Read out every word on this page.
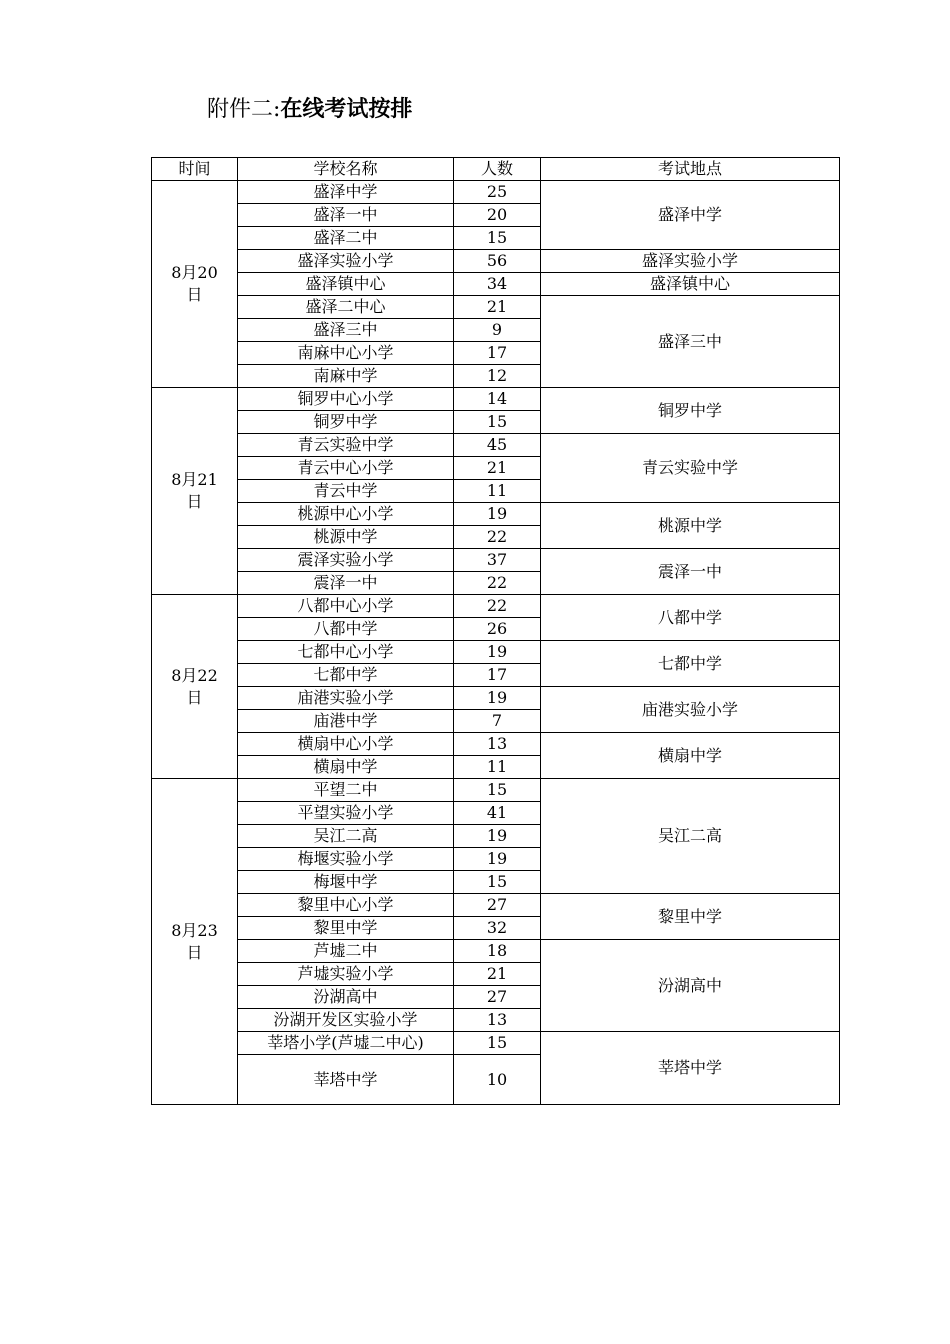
附件二:在线考试按排
时间	学校名称	人数	考试地点

8月20
日	盛泽中学	25	盛泽中学
	盛泽一中	20	
	盛泽二中	15	
	盛泽实验小学	56	盛泽实验小学
	盛泽镇中心	34	盛泽镇中心
	盛泽二中心	21	盛泽三中
	盛泽三中	9	
	南麻中心小学	17	
	南麻中学	12	

8月21
日	铜罗中心小学	14	铜罗中学
	铜罗中学	15	
	青云实验中学	45	青云实验中学
	青云中心小学	21	
	青云中学	11	
	桃源中心小学	19	桃源中学
	桃源中学	22	
	震泽实验小学	37	震泽一中
	震泽一中	22	

8月22
日	八都中心小学	22	八都中学
	八都中学	26	
	七都中心小学	19	七都中学
	七都中学	17	
	庙港实验小学	19	庙港实验小学
	庙港中学	7	
	横扇中心小学	13	横扇中学
	横扇中学	11	

8月23
日	平望二中	15	吴江二高
	平望实验小学	41	
	吴江二高	19	
	梅堰实验小学	19	
	梅堰中学	15	
	黎里中心小学	27	黎里中学
	黎里中学	32	
	芦墟二中	18	汾湖高中
	芦墟实验小学	21	
	汾湖高中	27	
	汾湖开发区实验小学	13	
	莘塔小学(芦墟二中心)	15	莘塔中学
	莘塔中学	10	
